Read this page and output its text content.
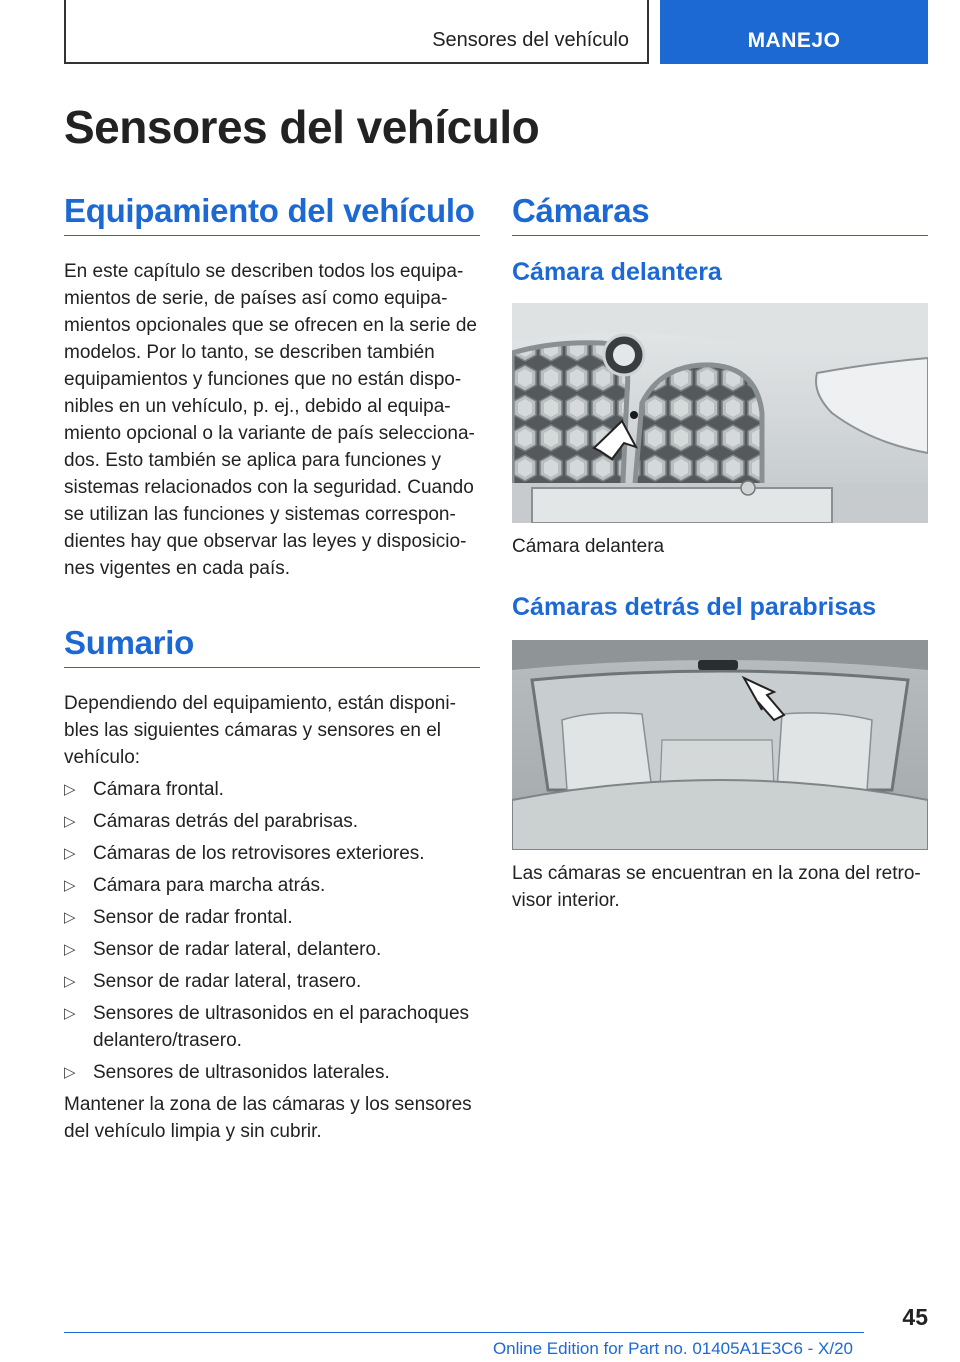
Sensores del vehículo	MANEJO
Sensores del vehículo
Equipamiento del vehículo

En este capítulo se describen todos los equipamientos de serie, de países así como equipamientos opcionales que se ofrecen en la serie de modelos. Por lo tanto, se describen también equipamientos y funciones que no están disponibles en un vehículo, p. ej., debido al equipamiento opcional o la variante de país seleccionados. Esto también se aplica para funciones y sistemas relacionados con la seguridad. Cuando se utilizan las funciones y sistemas correspondientes hay que observar las leyes y disposiciones vigentes en cada país.

Sumario

Dependiendo del equipamiento, están disponibles las siguientes cámaras y sensores en el vehículo:

▷ Cámara frontal.
▷ Cámaras detrás del parabrisas.
▷ Cámaras de los retrovisores exteriores.
▷ Cámara para marcha atrás.
▷ Sensor de radar frontal.
▷ Sensor de radar lateral, delantero.
▷ Sensor de radar lateral, trasero.
▷ Sensores de ultrasonidos en el parachoques delantero/trasero.
▷ Sensores de ultrasonidos laterales.

Mantener la zona de las cámaras y los sensores del vehículo limpia y sin cubrir.

Cámaras
Cámara delantera

Cámara delantera

Cámaras detrás del parabrisas

Las cámaras se encuentran en la zona del retrovisor interior.

45
Online Edition for Part no. 01405A1E3C6 - X/20
